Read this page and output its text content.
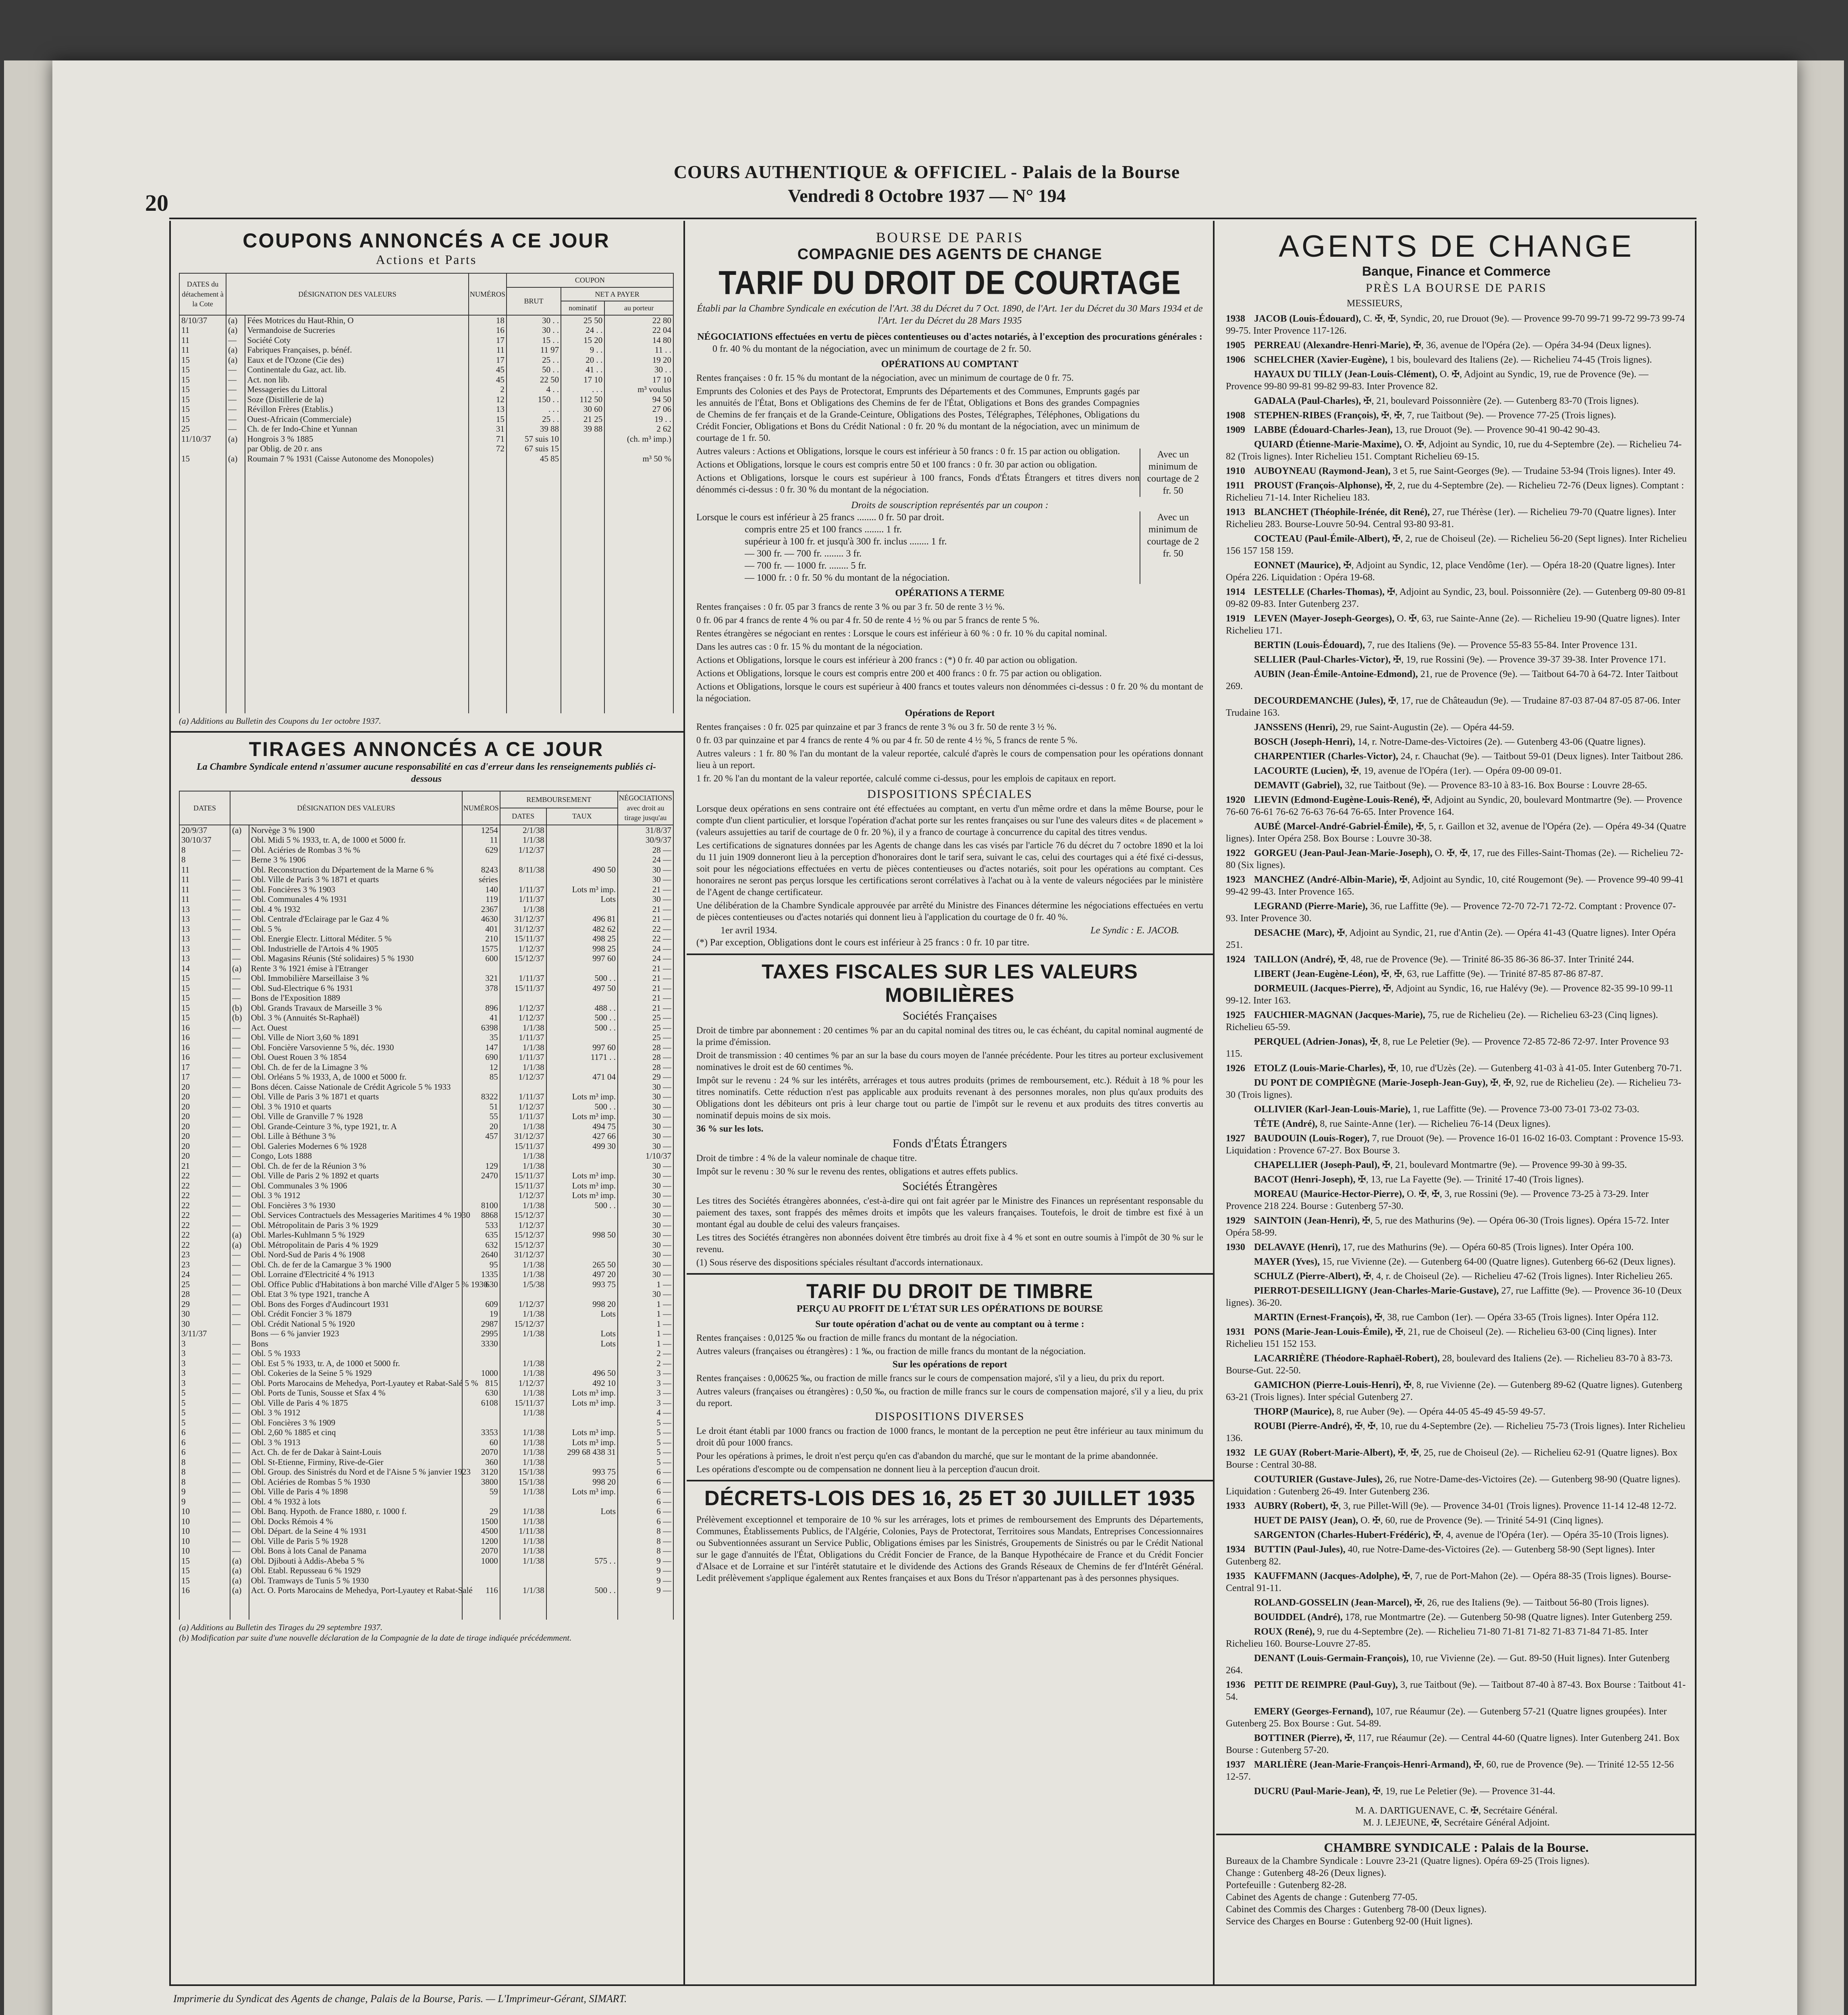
20
COURS AUTHENTIQUE & OFFICIEL - Palais de la Bourse
Vendredi 8 Octobre 1937 — N° 194
COUPONS ANNONCÉS A CE JOUR
Actions et Parts
DATES du détachement à la Cote	DÉSIGNATION DES VALEURS		NUMÉROS	COUPON		
				BRUT	NET A PAYER	
					nominatif	au porteur
8/10/37	(a)	Fées Motrices du Haut-Rhin, O	18	30 . .	25 50	22 80
11	(a)	Vermandoise de Sucreries	16	30 . .	24 . .	22 04
11	—	Société Coty	17	15 . .	15 20	14 80
11	(a)	Fabriques Françaises, p. bénéf.	11	11 97	9 . .	11 . .
15	(a)	Eaux et de l'Ozone (Cie des)	17	25 . .	20 . .	19 20
15	—	Continentale du Gaz, act. lib.	45	50 . .	41 . .	30 . .
15	—	Act. non lib.	45	22 50	17 10	17 10
15	—	Messageries du Littoral	2	4 . .	. . .	m³ voulus
15	—	Soze (Distillerie de la)	12	150 . .	112 50	94 50
15	—	Révillon Frères (Etablis.)	13	. . .	30 60	27 06
15	—	Ouest-Africain (Commerciale)	15	25 . .	21 25	19 . .
25	—	Ch. de fer Indo-Chine et Yunnan	31	39 88	39 88	2 62
11/10/37	(a)	Hongrois 3 % 1885	71	57 suis 10		(ch. m³ imp.)
		par Oblig. de 20 r. ans	72	67 suis 15		
15	(a)	Roumain 7 % 1931 (Caisse Autonome des Monopoles)		45 85		m³ 50 %

(a) Additions au Bulletin des Coupons du 1er octobre 1937.
TIRAGES ANNONCÉS A CE JOUR
La Chambre Syndicale entend n'assumer aucune responsabilité en cas d'erreur dans les renseignements publiés ci-dessous
DATES	DÉSIGNATION DES VALEURS		NUMÉROS	REMBOURSEMENT		NÉGOCIATIONS avec droit au tirage jusqu'au
				DATES	TAUX	
20/9/37	(a)	Norvège 3 % 1900	1254	2/1/38		31/8/37
30/10/37		Obl. Midi 5 % 1933, tr. A, de 1000 et 5000 fr.	11	1/1/38		30/9/37
8	—	Obl. Aciéries de Rombas 3 % %	629	1/12/37		28 —
8	—	Berne 3 % 1906				24 —
11		Obl. Reconstruction du Département de la Marne 6 %	8243	8/11/38	490 50	30 —
11	—	Obl. Ville de Paris 3 % 1871 et quarts	séries			30 —
11	—	Obl. Foncières 3 % 1903	140	1/11/37	Lots m³ imp.	21 —
11	—	Obl. Communales 4 % 1931	119	1/11/37	Lots	30 —
13	—	Obl. 4 % 1932	2367	1/1/38		21 —
13	—	Obl. Centrale d'Eclairage par le Gaz 4 %	4630	31/12/37	496 81	21 —
13	—	Obl. 5 %	401	31/12/37	482 62	22 —
13	—	Obl. Energie Electr. Littoral Méditer. 5 %	210	15/11/37	498 25	22 —
13	—	Obl. Industrielle de l'Artois 4 % 1905	1575	1/12/37	998 25	24 —
13	—	Obl. Magasins Réunis (Sté solidaires) 5 % 1930	600	15/12/37	997 60	24 —
14	(a)	Rente 3 % 1921 émise à l'Etranger				21 —
15	—	Obl. Immobilière Marseillaise 3 %	321	1/11/37	500 . .	21 —
15	—	Obl. Sud-Electrique 6 % 1931	378	15/11/37	497 50	21 —
15	—	Bons de l'Exposition 1889				21 —
15	(b)	Obl. Grands Travaux de Marseille 3 %	896	1/12/37	488 . .	21 —
15	(b)	Obl. 3 % (Annuités St-Raphaël)	41	1/12/37	500 . .	25 —
16	—	Act. Ouest	6398	1/1/38	500 . .	25 —
16	—	Obl. Ville de Niort 3,60 % 1891	35	1/11/37		25 —
16	—	Obl. Foncière Varsovienne 5 %, déc. 1930	147	1/1/38	997 60	28 —
16	—	Obl. Ouest Rouen 3 % 1854	690	1/11/37	1171 . .	28 —
17	—	Obl. Ch. de fer de la Limagne 3 %	12	1/1/38		28 —
17	—	Obl. Orléans 5 % 1933, A, de 1000 et 5000 fr.	85	1/12/37	471 04	29 —
20	—	Bons décen. Caisse Nationale de Crédit Agricole 5 % 1933				30 —
20	—	Obl. Ville de Paris 3 % 1871 et quarts	8322	1/11/37	Lots m³ imp.	30 —
20	—	Obl. 3 % 1910 et quarts	51	1/12/37	500 . .	30 —
20	—	Obl. Ville de Granville 7 % 1928	55	1/11/37	Lots m³ imp.	30 —
20	—	Obl. Grande-Ceinture 3 %, type 1921, tr. A	20	1/1/38	494 75	30 —
20	—	Obl. Lille à Béthune 3 %	457	31/12/37	427 66	30 —
20	—	Obl. Galeries Modernes 6 % 1928		15/11/37	499 30	30 —
20	—	Congo, Lots 1888		1/1/38		1/10/37
21	—	Obl. Ch. de fer de la Réunion 3 %	129	1/1/38		30 —
22	—	Obl. Ville de Paris 2 % 1892 et quarts	2470	15/11/37	Lots m³ imp.	30 —
22	—	Obl. Communales 3 % 1906		15/11/37	Lots m³ imp.	30 —
22	—	Obl. 3 % 1912		1/12/37	Lots m³ imp.	30 —
22	—	Obl. Foncières 3 % 1930	8100	1/1/38	500 . .	30 —
22	—	Obl. Services Contractuels des Messageries Maritimes 4 % 1930	8868	15/12/37		30 —
22	—	Obl. Métropolitain de Paris 3 % 1929	533	1/12/37		30 —
22	(a)	Obl. Marles-Kuhlmann 5 % 1929	635	15/12/37	998 50	30 —
22	(a)	Obl. Métropolitain de Paris 4 % 1929	632	15/12/37		30 —
23	—	Obl. Nord-Sud de Paris 4 % 1908	2640	31/12/37		30 —
23	—	Obl. Ch. de fer de la Camargue 3 % 1900	95	1/1/38	265 50	30 —
24	—	Obl. Lorraine d'Electricité 4 % 1913	1335	1/1/38	497 20	30 —
25	—	Obl. Office Public d'Habitations à bon marché Ville d'Alger 5 % 1930	630	1/5/38	993 75	1 —
28	—	Obl. Etat 3 % type 1921, tranche A				30 —
29	—	Obl. Bons des Forges d'Audincourt 1931	609	1/12/37	998 20	1 —
30	—	Obl. Crédit Foncier 3 % 1879	19	1/1/38	Lots	1 —
30	—	Obl. Crédit National 5 % 1920	2987	15/12/37		1 —
3/11/37		Bons — 6 % janvier 1923	2995	1/1/38	Lots	1 —
3	—	Bons	3330		Lots	1 —
3	—	Obl. 5 % 1933				2 —
3	—	Obl. Est 5 % 1933, tr. A, de 1000 et 5000 fr.		1/1/38		2 —
3	—	Obl. Cokeries de la Seine 5 % 1929	1000	1/1/38	496 50	3 —
3	—	Obl. Ports Marocains de Mehedya, Port-Lyautey et Rabat-Salé 5 %	815	1/12/37	492 10	3 —
5	—	Obl. Ports de Tunis, Sousse et Sfax 4 %	630	1/1/38	Lots m³ imp.	3 —
5	—	Obl. Ville de Paris 4 % 1875	6108	15/11/37	Lots m³ imp.	3 —
5	—	Obl. 3 % 1912		1/1/38		4 —
5	—	Obl. Foncières 3 % 1909				5 —
6	—	Obl. 2,60 % 1885 et cinq	3353	1/1/38	Lots m³ imp.	5 —
6	—	Obl. 3 % 1913	60	1/1/38	Lots m³ imp.	5 —
6	—	Act. Ch. de fer de Dakar à Saint-Louis	2070	1/1/38	299 68 438 31	5 —
8	—	Obl. St-Etienne, Firminy, Rive-de-Gier	360	1/1/38		5 —
8	—	Obl. Group. des Sinistrés du Nord et de l'Aisne 5 % janvier 1923	3120	15/1/38	993 75	6 —
8	—	Obl. Aciéries de Rombas 5 % 1930	3800	15/1/38	998 20	6 —
9	—	Obl. Ville de Paris 4 % 1898	59	1/1/38	Lots m³ imp.	6 —
9	—	Obl. 4 % 1932 à lots				6 —
10	—	Obl. Banq. Hypoth. de France 1880, r. 1000 f.	29	1/1/38	Lots	6 —
10	—	Obl. Docks Rémois 4 %	1500	1/1/38		6 —
10	—	Obl. Départ. de la Seine 4 % 1931	4500	1/11/38		8 —
10	—	Obl. Ville de Paris 5 % 1928	1200	1/1/38		8 —
10	—	Obl. Bons à lots Canal de Panama	2070	1/1/38		8 —
15	(a)	Obl. Djibouti à Addis-Abeba 5 %	1000	1/1/38	575 . .	9 —
15	(a)	Obl. Etabl. Repusseau 6 % 1929				9 —
15	(a)	Obl. Tramways de Tunis 5 % 1930				9 —
16	(a)	Act. O. Ports Marocains de Mehedya, Port-Lyautey et Rabat-Salé	116	1/1/38	500 . .	9 —

(a) Additions au Bulletin des Tirages du 29 septembre 1937.
(b) Modification par suite d'une nouvelle déclaration de la Compagnie de la date de tirage indiquée précédemment.
BOURSE DE PARIS
COMPAGNIE DES AGENTS DE CHANGE
TARIF DU DROIT DE COURTAGE
Établi par la Chambre Syndicale en exécution de l'Art. 38 du Décret du 7 Oct. 1890, de l'Art. 1er du Décret du 30 Mars 1934 et de l'Art. 1er du Décret du 28 Mars 1935
NÉGOCIATIONS effectuées en vertu de pièces contentieuses ou d'actes notariés, à l'exception des procurations générales :
0 fr. 40 % du montant de la négociation, avec un minimum de courtage de 2 fr. 50.
OPÉRATIONS AU COMPTANT
Rentes françaises : 0 fr. 15 % du montant de la négociation, avec un minimum de courtage de 0 fr. 75.
Emprunts des Colonies et des Pays de Protectorat, Emprunts des Départements et des Communes, Emprunts gagés par les annuités de l'État, Bons et Obligations des Chemins de fer de l'État, Obligations et Bons des grandes Compagnies de Chemins de fer français et de la Grande-Ceinture, Obligations des Postes, Télégraphes, Téléphones, Obligations du Crédit Foncier, Obligations et Bons du Crédit National : 0 fr. 20 % du montant de la négociation, avec un minimum de courtage de 1 fr. 50.
Autres valeurs : Actions et Obligations, lorsque le cours est inférieur à 50 francs : 0 fr. 15 par action ou obligation.
Actions et Obligations, lorsque le cours est compris entre 50 et 100 francs : 0 fr. 30 par action ou obligation.
Actions et Obligations, lorsque le cours est supérieur à 100 francs, Fonds d'États Étrangers et titres divers non dénommés ci-dessus : 0 fr. 30 % du montant de la négociation.
Avec un minimum de courtage de 2 fr. 50
Droits de souscription représentés par un coupon :
Lorsque le cours est inférieur à 25 francs ........ 0 fr. 50 par droit.
compris entre 25 et 100 francs ........ 1 fr.
supérieur à 100 fr. et jusqu'à 300 fr. inclus ........ 1 fr.
— 300 fr. — 700 fr. ........ 3 fr.
— 700 fr. — 1000 fr. ........ 5 fr.
— 1000 fr. : 0 fr. 50 % du montant de la négociation.
Avec un minimum de courtage de 2 fr. 50
OPÉRATIONS A TERME
Rentes françaises : 0 fr. 05 par 3 francs de rente 3 % ou par 3 fr. 50 de rente 3 ½ %.
0 fr. 06 par 4 francs de rente 4 % ou par 4 fr. 50 de rente 4 ½ % ou par 5 francs de rente 5 %.
Rentes étrangères se négociant en rentes : Lorsque le cours est inférieur à 60 % : 0 fr. 10 % du capital nominal.
Dans les autres cas : 0 fr. 15 % du montant de la négociation.
Actions et Obligations, lorsque le cours est inférieur à 200 francs : (*) 0 fr. 40 par action ou obligation.
Actions et Obligations, lorsque le cours est compris entre 200 et 400 francs : 0 fr. 75 par action ou obligation.
Actions et Obligations, lorsque le cours est supérieur à 400 francs et toutes valeurs non dénommées ci-dessus : 0 fr. 20 % du montant de la négociation.
Opérations de Report
Rentes françaises : 0 fr. 025 par quinzaine et par 3 francs de rente 3 % ou 3 fr. 50 de rente 3 ½ %.
0 fr. 03 par quinzaine et par 4 francs de rente 4 % ou par 4 fr. 50 de rente 4 ½ %, 5 francs de rente 5 %.
Autres valeurs : 1 fr. 80 % l'an du montant de la valeur reportée, calculé d'après le cours de compensation pour les opérations donnant lieu à un report.
1 fr. 20 % l'an du montant de la valeur reportée, calculé comme ci-dessus, pour les emplois de capitaux en report.
DISPOSITIONS SPÉCIALES
Lorsque deux opérations en sens contraire ont été effectuées au comptant, en vertu d'un même ordre et dans la même Bourse, pour le compte d'un client particulier, et lorsque l'opération d'achat porte sur les rentes françaises ou sur l'une des valeurs dites « de placement » (valeurs assujetties au tarif de courtage de 0 fr. 20 %), il y a franco de courtage à concurrence du capital des titres vendus.
Les certifications de signatures données par les Agents de change dans les cas visés par l'article 76 du décret du 7 octobre 1890 et la loi du 11 juin 1909 donneront lieu à la perception d'honoraires dont le tarif sera, suivant le cas, celui des courtages qui a été fixé ci-dessus, soit pour les négociations effectuées en vertu de pièces contentieuses ou d'actes notariés, soit pour les opérations au comptant. Ces honoraires ne seront pas perçus lorsque les certifications seront corrélatives à l'achat ou à la vente de valeurs négociées par le ministère de l'Agent de change certificateur.
Une délibération de la Chambre Syndicale approuvée par arrêté du Ministre des Finances détermine les négociations effectuées en vertu de pièces contentieuses ou d'actes notariés qui donnent lieu à l'application du courtage de 0 fr. 40 %.
1er avril 1934.	Le Syndic : E. JACOB.
(*) Par exception, Obligations dont le cours est inférieur à 25 francs : 0 fr. 10 par titre.
TAXES FISCALES SUR LES VALEURS MOBILIÈRES
Sociétés Françaises
Droit de timbre par abonnement : 20 centimes % par an du capital nominal des titres ou, le cas échéant, du capital nominal augmenté de la prime d'émission.
Droit de transmission : 40 centimes % par an sur la base du cours moyen de l'année précédente. Pour les titres au porteur exclusivement nominatives le droit est de 60 centimes %.
Impôt sur le revenu : 24 % sur les intérêts, arrérages et tous autres produits (primes de remboursement, etc.). Réduit à 18 % pour les titres nominatifs. Cette réduction n'est pas applicable aux produits revenant à des personnes morales, non plus qu'aux produits des Obligations dont les débiteurs ont pris à leur charge tout ou partie de l'impôt sur le revenu et aux produits des titres convertis au nominatif depuis moins de six mois.
36 % sur les lots.
Fonds d'États Étrangers
Droit de timbre : 4 % de la valeur nominale de chaque titre.
Impôt sur le revenu : 30 % sur le revenu des rentes, obligations et autres effets publics.
Sociétés Étrangères
Les titres des Sociétés étrangères abonnées, c'est-à-dire qui ont fait agréer par le Ministre des Finances un représentant responsable du paiement des taxes, sont frappés des mêmes droits et impôts que les valeurs françaises. Toutefois, le droit de timbre est fixé à un montant égal au double de celui des valeurs françaises.
Les titres des Sociétés étrangères non abonnées doivent être timbrés au droit fixe à 4 % et sont en outre soumis à l'impôt de 30 % sur le revenu.
(1) Sous réserve des dispositions spéciales résultant d'accords internationaux.
TARIF DU DROIT DE TIMBRE
PERÇU AU PROFIT DE L'ÉTAT SUR LES OPÉRATIONS DE BOURSE
Sur toute opération d'achat ou de vente au comptant ou à terme :
Rentes françaises : 0,0125 ‰ ou fraction de mille francs du montant de la négociation.
Autres valeurs (françaises ou étrangères) : 1 ‰, ou fraction de mille francs du montant de la négociation.
Sur les opérations de report
Rentes françaises : 0,00625 ‰, ou fraction de mille francs sur le cours de compensation majoré, s'il y a lieu, du prix du report.
Autres valeurs (françaises ou étrangères) : 0,50 ‰, ou fraction de mille francs sur le cours de compensation majoré, s'il y a lieu, du prix du report.
DISPOSITIONS DIVERSES
Le droit étant établi par 1000 francs ou fraction de 1000 francs, le montant de la perception ne peut être inférieur au taux minimum du droit dû pour 1000 francs.
Pour les opérations à primes, le droit n'est perçu qu'en cas d'abandon du marché, que sur le montant de la prime abandonnée.
Les opérations d'escompte ou de compensation ne donnent lieu à la perception d'aucun droit.
DÉCRETS-LOIS DES 16, 25 ET 30 JUILLET 1935
Prélèvement exceptionnel et temporaire de 10 % sur les arrérages, lots et primes de remboursement des Emprunts des Départements, Communes, Établissements Publics, de l'Algérie, Colonies, Pays de Protectorat, Territoires sous Mandats, Entreprises Concessionnaires ou Subventionnées assurant un Service Public, Obligations émises par les Sinistrés, Groupements de Sinistrés ou par le Crédit National sur le gage d'annuités de l'État, Obligations du Crédit Foncier de France, de la Banque Hypothécaire de France et du Crédit Foncier d'Alsace et de Lorraine et sur l'intérêt statutaire et le dividende des Actions des Grands Réseaux de Chemins de fer d'Intérêt Général. Ledit prélèvement s'applique également aux Rentes françaises et aux Bons du Trésor n'appartenant pas à des personnes physiques.
AGENTS DE CHANGE
Banque, Finance et Commerce
PRÈS LA BOURSE DE PARIS
MESSIEURS,
1938 JACOB (Louis-Édouard), C. ✠, ✠, Syndic, 20, rue Drouot (9e). — Provence 99-70 99-71 99-72 99-73 99-74 99-75. Inter Provence 117-126.
1905 PERREAU (Alexandre-Henri-Marie), ✠, 36, avenue de l'Opéra (2e). — Opéra 34-94 (Deux lignes).
1906 SCHELCHER (Xavier-Eugène), 1 bis, boulevard des Italiens (2e). — Richelieu 74-45 (Trois lignes).
HAYAUX DU TILLY (Jean-Louis-Clément), O. ✠, Adjoint au Syndic, 19, rue de Provence (9e). — Provence 99-80 99-81 99-82 99-83. Inter Provence 82.
GADALA (Paul-Charles), ✠, 21, boulevard Poissonnière (2e). — Gutenberg 83-70 (Trois lignes).
1908 STEPHEN-RIBES (François), ✠, ✠, 7, rue Taitbout (9e). — Provence 77-25 (Trois lignes).
1909 LABBE (Édouard-Charles-Jean), 13, rue Drouot (9e). — Provence 90-41 90-42 90-43.
QUIARD (Étienne-Marie-Maxime), O. ✠, Adjoint au Syndic, 10, rue du 4-Septembre (2e). — Richelieu 74-82 (Trois lignes). Inter Richelieu 151. Comptant Richelieu 69-15.
1910 AUBOYNEAU (Raymond-Jean), 3 et 5, rue Saint-Georges (9e). — Trudaine 53-94 (Trois lignes). Inter 49.
1911 PROUST (François-Alphonse), ✠, 2, rue du 4-Septembre (2e). — Richelieu 72-76 (Deux lignes). Comptant : Richelieu 71-14. Inter Richelieu 183.
1913 BLANCHET (Théophile-Irénée, dit René), 27, rue Thérèse (1er). — Richelieu 79-70 (Quatre lignes). Inter Richelieu 283. Bourse-Louvre 50-94. Central 93-80 93-81.
COCTEAU (Paul-Émile-Albert), ✠, 2, rue de Choiseul (2e). — Richelieu 56-20 (Sept lignes). Inter Richelieu 156 157 158 159.
EONNET (Maurice), ✠, Adjoint au Syndic, 12, place Vendôme (1er). — Opéra 18-20 (Quatre lignes). Inter Opéra 226. Liquidation : Opéra 19-68.
1914 LESTELLE (Charles-Thomas), ✠, Adjoint au Syndic, 23, boul. Poissonnière (2e). — Gutenberg 09-80 09-81 09-82 09-83. Inter Gutenberg 237.
1919 LEVEN (Mayer-Joseph-Georges), O. ✠, 63, rue Sainte-Anne (2e). — Richelieu 19-90 (Quatre lignes). Inter Richelieu 171.
BERTIN (Louis-Édouard), 7, rue des Italiens (9e). — Provence 55-83 55-84. Inter Provence 131.
SELLIER (Paul-Charles-Victor), ✠, 19, rue Rossini (9e). — Provence 39-37 39-38. Inter Provence 171.
AUBIN (Jean-Émile-Antoine-Edmond), 21, rue de Provence (9e). — Taitbout 64-70 à 64-72. Inter Taitbout 269.
DECOURDEMANCHE (Jules), ✠, 17, rue de Châteaudun (9e). — Trudaine 87-03 87-04 87-05 87-06. Inter Trudaine 163.
JANSSENS (Henri), 29, rue Saint-Augustin (2e). — Opéra 44-59.
BOSCH (Joseph-Henri), 14, r. Notre-Dame-des-Victoires (2e). — Gutenberg 43-06 (Quatre lignes).
CHARPENTIER (Charles-Victor), 24, r. Chauchat (9e). — Taitbout 59-01 (Deux lignes). Inter Taitbout 286.
LACOURTE (Lucien), ✠, 19, avenue de l'Opéra (1er). — Opéra 09-00 09-01.
DEMAVIT (Gabriel), 32, rue Taitbout (9e). — Provence 83-10 à 83-16. Box Bourse : Louvre 28-65.
1920 LIEVIN (Edmond-Eugène-Louis-René), ✠, Adjoint au Syndic, 20, boulevard Montmartre (9e). — Provence 76-60 76-61 76-62 76-63 76-64 76-65. Inter Provence 164.
AUBÉ (Marcel-André-Gabriel-Émile), ✠, 5, r. Gaillon et 32, avenue de l'Opéra (2e). — Opéra 49-34 (Quatre lignes). Inter Opéra 258. Box Bourse : Louvre 30-38.
1922 GORGEU (Jean-Paul-Jean-Marie-Joseph), O. ✠, ✠, 17, rue des Filles-Saint-Thomas (2e). — Richelieu 72-80 (Six lignes).
1923 MANCHEZ (André-Albin-Marie), ✠, Adjoint au Syndic, 10, cité Rougemont (9e). — Provence 99-40 99-41 99-42 99-43. Inter Provence 165.
LEGRAND (Pierre-Marie), 36, rue Laffitte (9e). — Provence 72-70 72-71 72-72. Comptant : Provence 07-93. Inter Provence 30.
DESACHE (Marc), ✠, Adjoint au Syndic, 21, rue d'Antin (2e). — Opéra 41-43 (Quatre lignes). Inter Opéra 251.
1924 TAILLON (André), ✠, 48, rue de Provence (9e). — Trinité 86-35 86-36 86-37. Inter Trinité 244.
LIBERT (Jean-Eugène-Léon), ✠, ✠, 63, rue Laffitte (9e). — Trinité 87-85 87-86 87-87.
DORMEUIL (Jacques-Pierre), ✠, Adjoint au Syndic, 16, rue Halévy (9e). — Provence 82-35 99-10 99-11 99-12. Inter 163.
1925 FAUCHIER-MAGNAN (Jacques-Marie), 75, rue de Richelieu (2e). — Richelieu 63-23 (Cinq lignes). Richelieu 65-59.
PERQUEL (Adrien-Jonas), ✠, 8, rue Le Peletier (9e). — Provence 72-85 72-86 72-97. Inter Provence 93 115.
1926 ETOLZ (Louis-Marie-Charles), ✠, 10, rue d'Uzès (2e). — Gutenberg 41-03 à 41-05. Inter Gutenberg 70-71.
DU PONT DE COMPIÈGNE (Marie-Joseph-Jean-Guy), ✠, ✠, 92, rue de Richelieu (2e). — Richelieu 73-30 (Trois lignes).
OLLIVIER (Karl-Jean-Louis-Marie), 1, rue Laffitte (9e). — Provence 73-00 73-01 73-02 73-03.
TÊTE (André), 8, rue Sainte-Anne (1er). — Richelieu 76-14 (Deux lignes).
1927 BAUDOUIN (Louis-Roger), 7, rue Drouot (9e). — Provence 16-01 16-02 16-03. Comptant : Provence 15-93. Liquidation : Provence 67-27. Box Bourse 3.
CHAPELLIER (Joseph-Paul), ✠, 21, boulevard Montmartre (9e). — Provence 99-30 à 99-35.
BACOT (Henri-Joseph), ✠, 13, rue La Fayette (9e). — Trinité 17-40 (Trois lignes).
MOREAU (Maurice-Hector-Pierre), O. ✠, ✠, 3, rue Rossini (9e). — Provence 73-25 à 73-29. Inter Provence 218 224. Bourse : Gutenberg 57-30.
1929 SAINTOIN (Jean-Henri), ✠, 5, rue des Mathurins (9e). — Opéra 06-30 (Trois lignes). Opéra 15-72. Inter Opéra 58-99.
1930 DELAVAYE (Henri), 17, rue des Mathurins (9e). — Opéra 60-85 (Trois lignes). Inter Opéra 100.
MAYER (Yves), 15, rue Vivienne (2e). — Gutenberg 64-00 (Quatre lignes). Gutenberg 66-62 (Deux lignes).
SCHULZ (Pierre-Albert), ✠, 4, r. de Choiseul (2e). — Richelieu 47-62 (Trois lignes). Inter Richelieu 265.
PIERROT-DESEILLIGNY (Jean-Charles-Marie-Gustave), 27, rue Laffitte (9e). — Provence 36-10 (Deux lignes). 36-20.
MARTIN (Ernest-François), ✠, 38, rue Cambon (1er). — Opéra 33-65 (Trois lignes). Inter Opéra 112.
1931 PONS (Marie-Jean-Louis-Émile), ✠, 21, rue de Choiseul (2e). — Richelieu 63-00 (Cinq lignes). Inter Richelieu 151 152 153.
LACARRIÈRE (Théodore-Raphaël-Robert), 28, boulevard des Italiens (2e). — Richelieu 83-70 à 83-73. Bourse-Gut. 22-50.
GAMICHON (Pierre-Louis-Henri), ✠, 8, rue Vivienne (2e). — Gutenberg 89-62 (Quatre lignes). Gutenberg 63-21 (Trois lignes). Inter spécial Gutenberg 27.
THORP (Maurice), 8, rue Auber (9e). — Opéra 44-05 45-49 45-59 49-57.
ROUBI (Pierre-André), ✠, ✠, 10, rue du 4-Septembre (2e). — Richelieu 75-73 (Trois lignes). Inter Richelieu 136.
1932 LE GUAY (Robert-Marie-Albert), ✠, ✠, 25, rue de Choiseul (2e). — Richelieu 62-91 (Quatre lignes). Box Bourse : Central 30-88.
COUTURIER (Gustave-Jules), 26, rue Notre-Dame-des-Victoires (2e). — Gutenberg 98-90 (Quatre lignes). Liquidation : Gutenberg 26-49. Inter Gutenberg 236.
1933 AUBRY (Robert), ✠, 3, rue Pillet-Will (9e). — Provence 34-01 (Trois lignes). Provence 11-14 12-48 12-72.
HUET DE PAISY (Jean), O. ✠, 60, rue de Provence (9e). — Trinité 54-91 (Cinq lignes).
SARGENTON (Charles-Hubert-Frédéric), ✠, 4, avenue de l'Opéra (1er). — Opéra 35-10 (Trois lignes).
1934 BUTTIN (Paul-Jules), 40, rue Notre-Dame-des-Victoires (2e). — Gutenberg 58-90 (Sept lignes). Inter Gutenberg 82.
1935 KAUFFMANN (Jacques-Adolphe), ✠, 7, rue de Port-Mahon (2e). — Opéra 88-35 (Trois lignes). Bourse-Central 91-11.
ROLAND-GOSSELIN (Jean-Marcel), ✠, 26, rue des Italiens (9e). — Taitbout 56-80 (Trois lignes).
BOUIDDEL (André), 178, rue Montmartre (2e). — Gutenberg 50-98 (Quatre lignes). Inter Gutenberg 259.
ROUX (René), 9, rue du 4-Septembre (2e). — Richelieu 71-80 71-81 71-82 71-83 71-84 71-85. Inter Richelieu 160. Bourse-Louvre 27-85.
DENANT (Louis-Germain-François), 10, rue Vivienne (2e). — Gut. 89-50 (Huit lignes). Inter Gutenberg 264.
1936 PETIT DE REIMPRE (Paul-Guy), 3, rue Taitbout (9e). — Taitbout 87-40 à 87-43. Box Bourse : Taitbout 41-54.
EMERY (Georges-Fernand), 107, rue Réaumur (2e). — Gutenberg 57-21 (Quatre lignes groupées). Inter Gutenberg 25. Box Bourse : Gut. 54-89.
BOTTINER (Pierre), ✠, 117, rue Réaumur (2e). — Central 44-60 (Quatre lignes). Inter Gutenberg 241. Box Bourse : Gutenberg 57-20.
1937 MARLIÈRE (Jean-Marie-François-Henri-Armand), ✠, 60, rue de Provence (9e). — Trinité 12-55 12-56 12-57.
DUCRU (Paul-Marie-Jean), ✠, 19, rue Le Peletier (9e). — Provence 31-44.
M. A. DARTIGUENAVE, C. ✠, Secrétaire Général.
M. J. LEJEUNE, ✠, Secrétaire Général Adjoint.
CHAMBRE SYNDICALE : Palais de la Bourse.
Bureaux de la Chambre Syndicale : Louvre 23-21 (Quatre lignes). Opéra 69-25 (Trois lignes).
Change : Gutenberg 48-26 (Deux lignes).
Portefeuille : Gutenberg 82-28.
Cabinet des Agents de change : Gutenberg 77-05.
Cabinet des Commis des Charges : Gutenberg 78-00 (Deux lignes).
Service des Charges en Bourse : Gutenberg 92-00 (Huit lignes).
Imprimerie du Syndicat des Agents de change, Palais de la Bourse, Paris. — L'Imprimeur-Gérant, SIMART.
